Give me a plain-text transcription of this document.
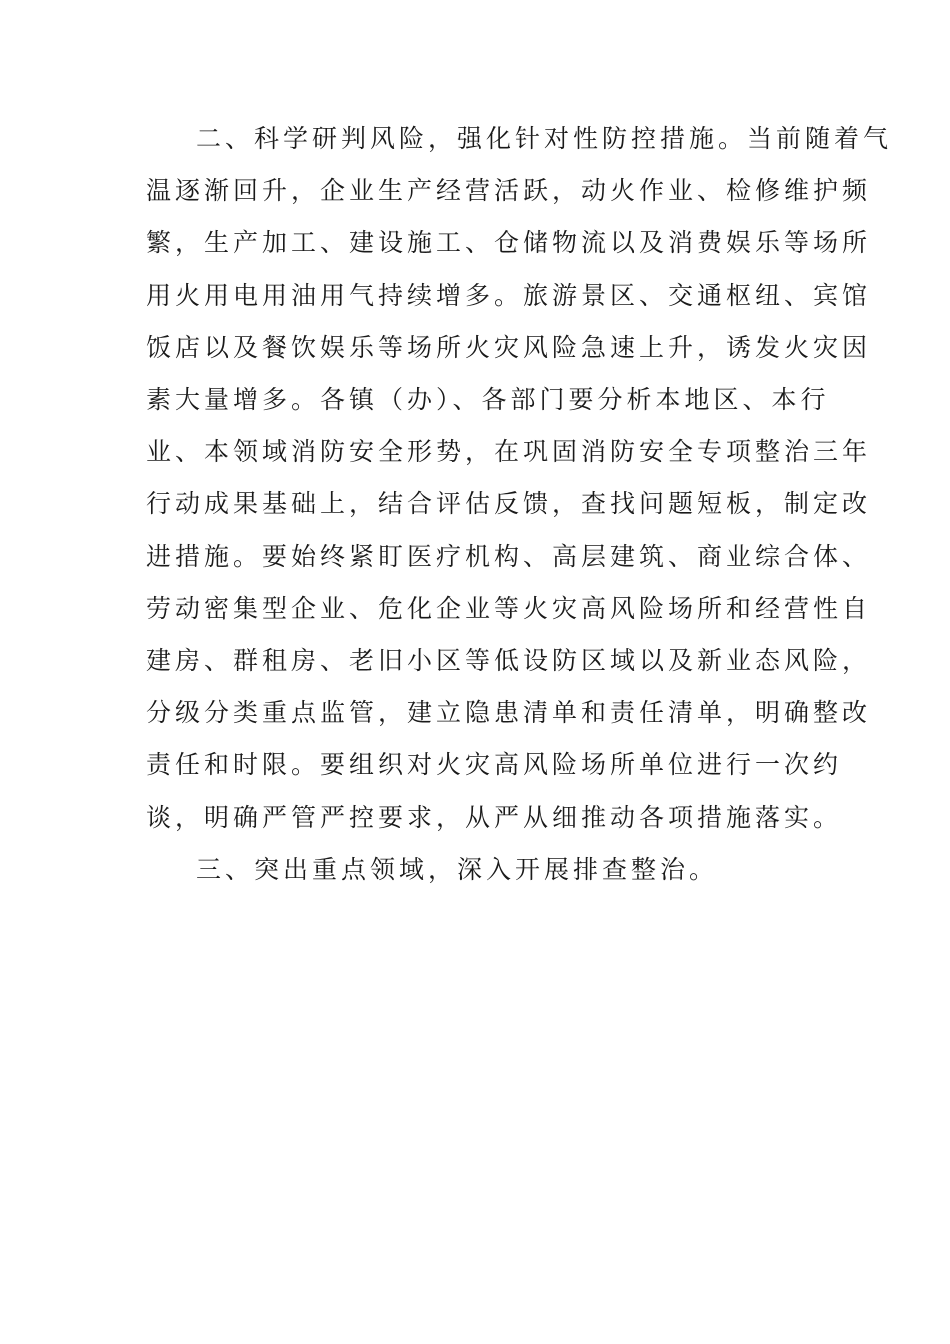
二、科学研判风险，强化针对性防控措施。当前随着气
温逐渐回升，企业生产经营活跃，动火作业、检修维护频
繁，生产加工、建设施工、仓储物流以及消费娱乐等场所
用火用电用油用气持续增多。旅游景区、交通枢纽、宾馆
饭店以及餐饮娱乐等场所火灾风险急速上升，诱发火灾因
素大量增多。各镇（办）、各部门要分析本地区、本行
业、本领域消防安全形势，在巩固消防安全专项整治三年
行动成果基础上，结合评估反馈，查找问题短板，制定改
进措施。要始终紧盯医疗机构、高层建筑、商业综合体、
劳动密集型企业、危化企业等火灾高风险场所和经营性自
建房、群租房、老旧小区等低设防区域以及新业态风险，
分级分类重点监管，建立隐患清单和责任清单，明确整改
责任和时限。要组织对火灾高风险场所单位进行一次约
谈，明确严管严控要求，从严从细推动各项措施落实。

三、突出重点领域，深入开展排查整治。
